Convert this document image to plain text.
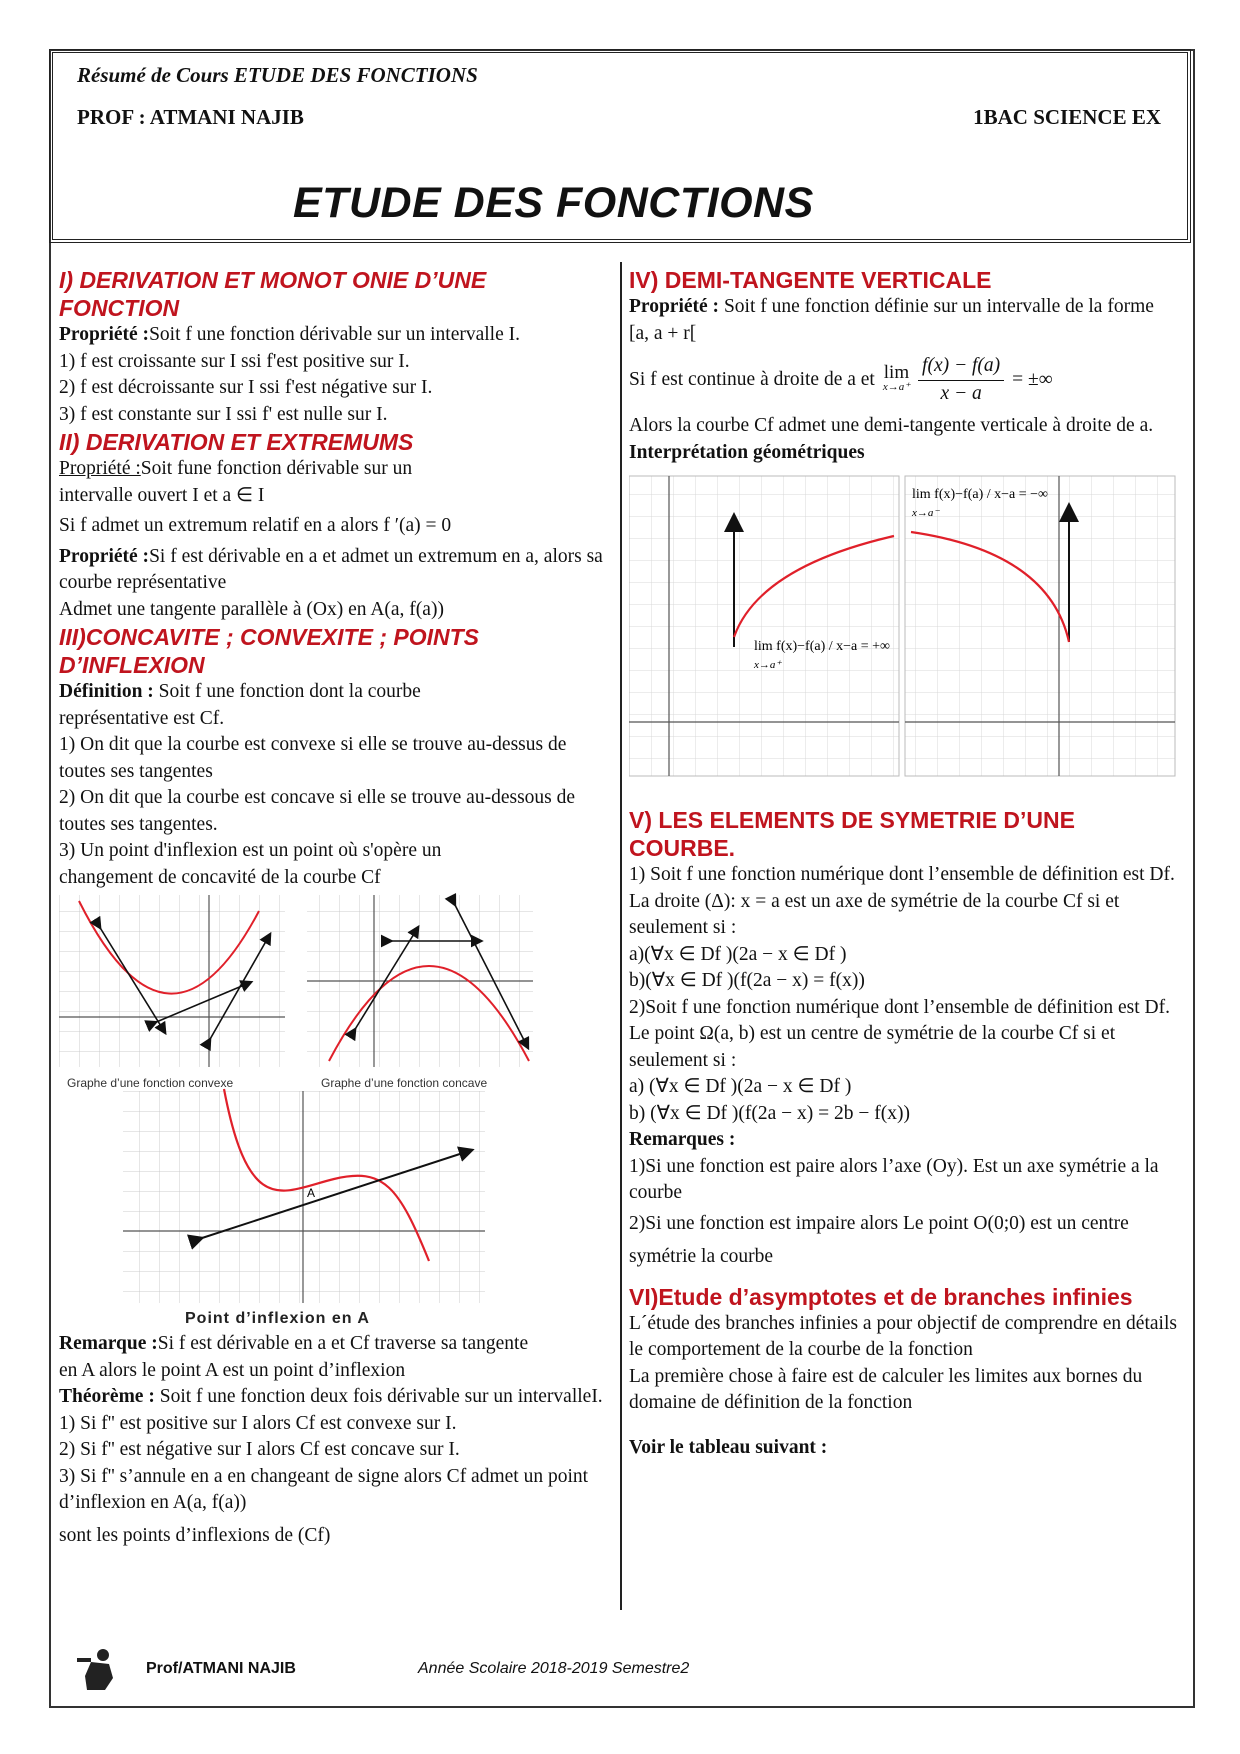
Résumé de Cours ETUDE DES FONCTIONS
PROF : ATMANI NAJIB	1BAC SCIENCE EX
ETUDE DES FONCTIONS
I) DERIVATION ET MONOT ONIE D’UNE FONCTION

Propriété :Soit f une fonction dérivable sur un intervalle I.

1) f est croissante sur I ssi f'est positive sur I.

2) f est décroissante sur I ssi f'est négative sur I.

3) f est constante sur I ssi f' est nulle sur I.

II) DERIVATION ET EXTREMUMS

Propriété :Soit fune fonction dérivable sur un intervalle ouvert I et a ∈ I

Si f admet un extremum relatif en a alors f ′(a) = 0

Propriété :Si f est dérivable en a et admet un extremum en a, alors sa courbe représentative

Admet une tangente parallèle à (Ox) en A(a, f(a))

III)CONCAVITE ; CONVEXITE ; POINTS D’INFLEXION

Définition : Soit f une fonction dont la courbe représentative est Cf.

1) On dit que la courbe est convexe si elle se trouve au-dessus de toutes ses tangentes

2) On dit que la courbe est concave si elle se trouve au-dessous de toutes ses tangentes.

3) Un point d'inflexion est un point où s'opère un changement de concavité de la courbe Cf

Graphe d’une fonction convexe	Graphe d’une fonction concave
A
Point d’inflexion en A

Remarque :Si f est dérivable en a et Cf traverse sa tangente en A alors le point A est un point d’inflexion

Théorème : Soit f une fonction deux fois dérivable sur un intervalleI.

1) Si f'' est positive sur I alors Cf est convexe sur I.

2) Si f'' est négative sur I alors Cf est concave sur I.

3) Si f'' s’annule en a en changeant de signe alors Cf admet un point d’inflexion en A(a, f(a))

sont les points d’inflexions de (Cf)

IV) DEMI-TANGENTE VERTICALE

Propriété : Soit f une fonction définie sur un intervalle de la forme [a, a + r[

Si f est continue à droite de a et lim
$x\to a^+ \frac{f(x) - f(a)}{x - a}$ = ±∞

Alors la courbe Cf admet une demi-tangente verticale à droite de a.

Interprétation géométriques

lim f(x)−f(a) / x−a = +∞
x→a⁺
lim f(x)−f(a) / x−a = −∞
x→a⁻
V) LES ELEMENTS DE SYMETRIE D’UNE COURBE.

1) Soit f une fonction numérique dont l’ensemble de définition est Df.

La droite (Δ): x = a est un axe de symétrie de la courbe Cf si et seulement si :

a)(∀x ∈ Df )(2a − x ∈ Df )

b)(∀x ∈ Df )(f(2a − x) = f(x))

2)Soit f une fonction numérique dont l’ensemble de définition est Df.

Le point Ω(a, b) est un centre de symétrie de la courbe Cf si et seulement si :

a) (∀x ∈ Df )(2a − x ∈ Df )

b) (∀x ∈ Df )(f(2a − x) = 2b − f(x))

Remarques :

1)Si une fonction est paire alors l’axe (Oy). Est un axe symétrie a la courbe

2)Si une fonction est impaire alors Le point O(0;0) est un centre symétrie la courbe

VI)Etude d’asymptotes et de branches infinies

L´étude des branches infinies a pour objectif de comprendre en détails le comportement de la courbe de la fonction

La première chose à faire est de calculer les limites aux bornes du domaine de définition de la fonction

Voir le tableau suivant :

Prof/ATMANI NAJIB	Année Scolaire 2018-2019 Semestre2
